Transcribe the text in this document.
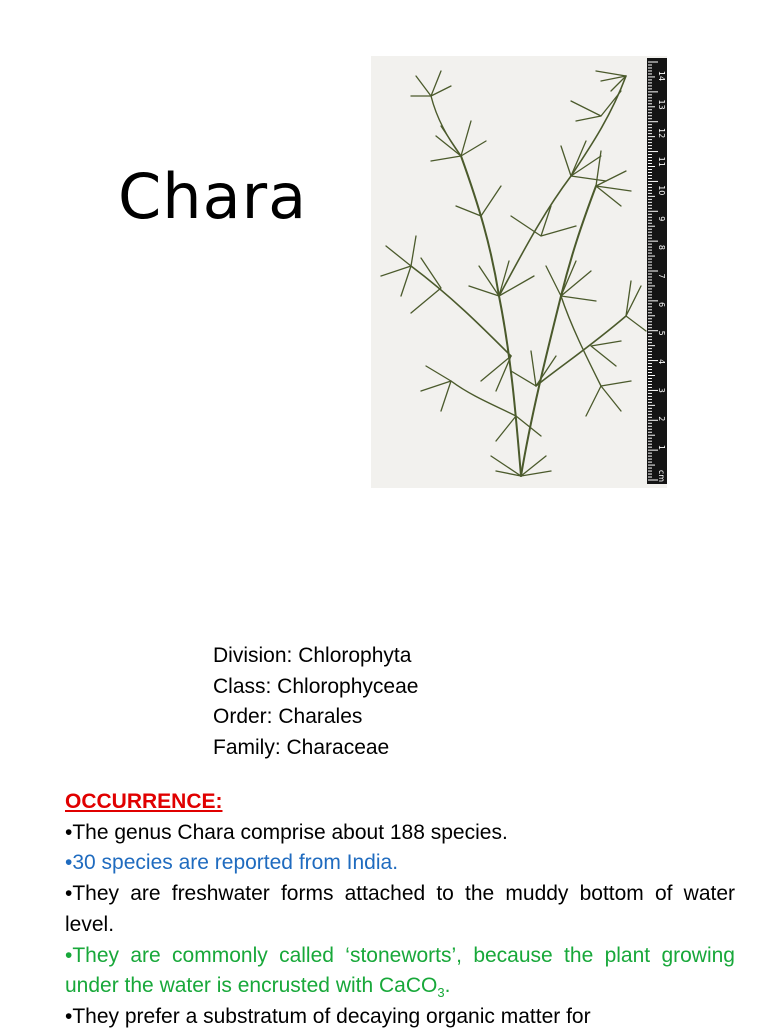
Chara
14
13
12
11
10
9
8
7
6
5
4
3
2
1
cm
Division: Chlorophyta
Class: Chlorophyceae
Order: Charales
Family: Characeae
OCCURRENCE:
•The genus Chara comprise about 188 species.
•30 species are reported from India.
•They are freshwater forms attached to the muddy bottom of water level.
•They are commonly called ‘stoneworts’, because the plant growing under the water is encrusted with CaCO$_3$.
•They prefer a substratum of decaying organic matter for
